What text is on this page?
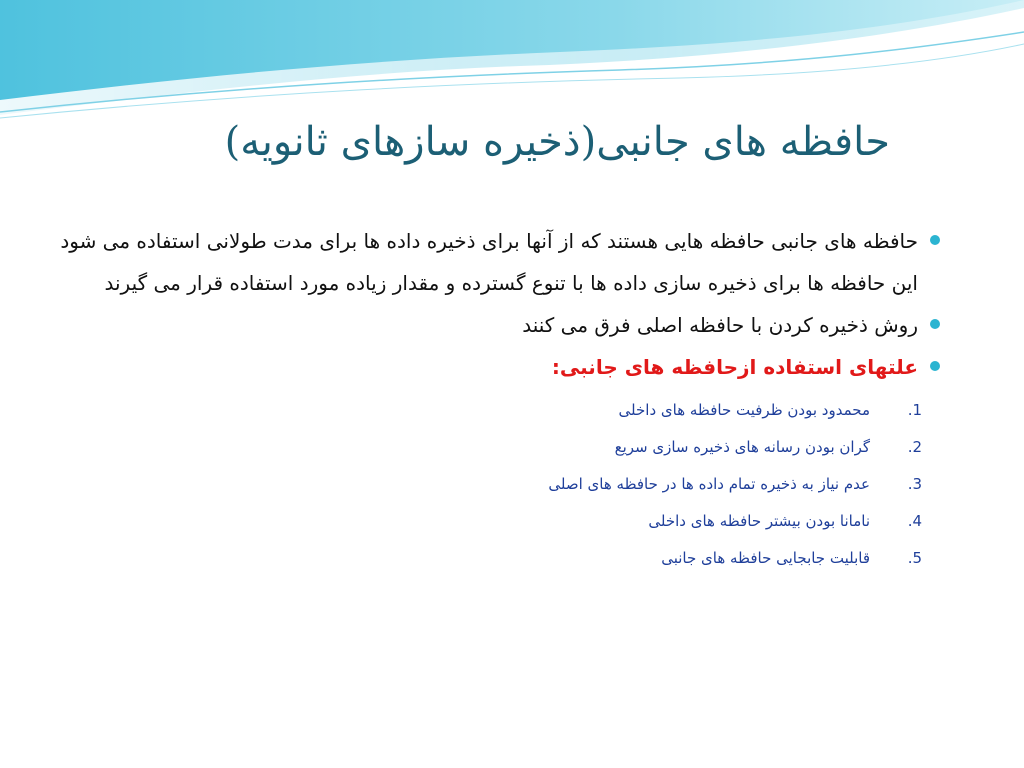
حافظه های جانبی(ذخیره سازهای ثانویه)
حافظه های جانبی حافظه هایی هستند که از آنها برای ذخیره داده ها برای مدت طولانی استفاده می شود این حافظه ها برای ذخیره سازی داده ها با تنوع گسترده و مقدار زیاده مورد استفاده قرار می گیرند
روش ذخیره کردن با حافظه اصلی فرق می کنند
علتهای استفاده ازحافظه های جانبی:
.1
محمدود بودن ظرفیت حافظه های داخلی
.2
گران بودن رسانه های ذخیره سازی سریع
.3
عدم نیاز به ذخیره تمام داده ها در حافظه های اصلی
.4
نامانا بودن بیشتر حافظه های داخلی
.5
قابلیت جابجایی حافظه های جانبی
